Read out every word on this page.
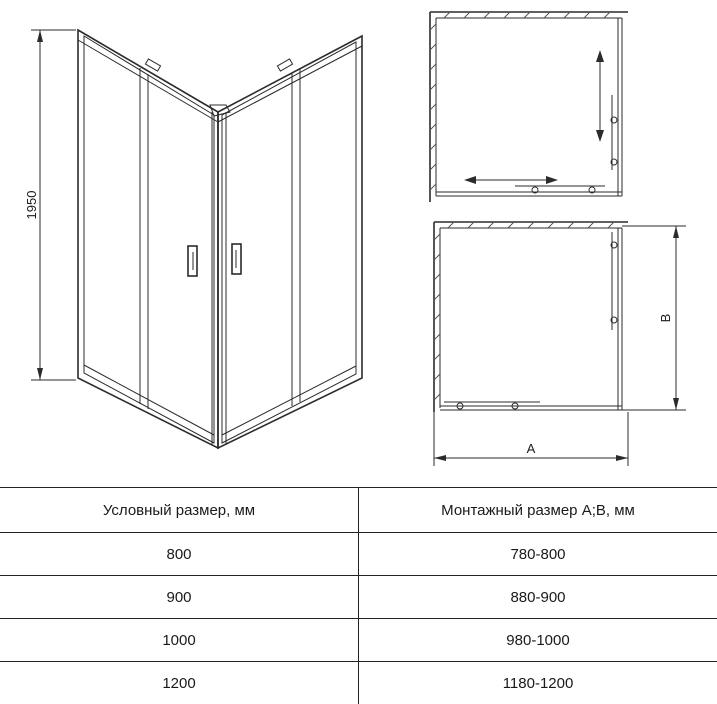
1950
B
A
Условный размер, мм	Монтажный размер A;B, мм
800	780-800
900	880-900
1000	980-1000
1200	1180-1200
